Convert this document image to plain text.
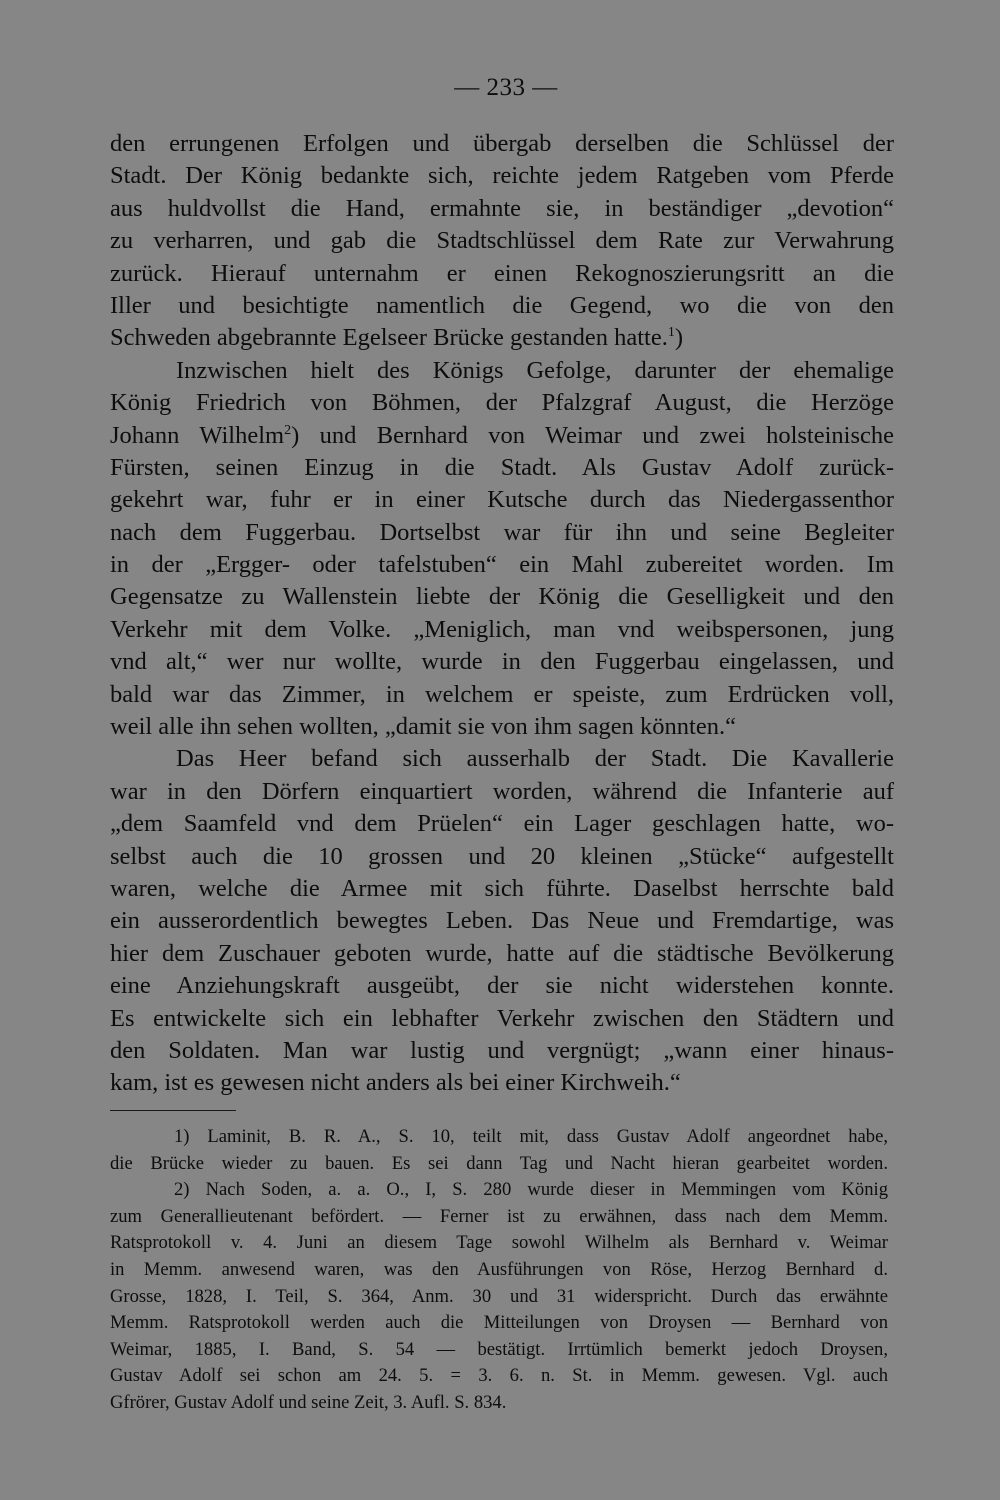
— 233 —
den errungenen Erfolgen und übergab derselben die Schlüssel der
Stadt. Der König bedankte sich, reichte jedem Ratgeben vom Pferde
aus huldvollst die Hand, ermahnte sie, in beständiger „devotion“
zu verharren, und gab die Stadtschlüssel dem Rate zur Verwahrung
zurück. Hierauf unternahm er einen Rekognoszierungsritt an die
Iller und besichtigte namentlich die Gegend, wo die von den
Schweden abgebrannte Egelseer Brücke gestanden hatte.$^1$)
Inzwischen hielt des Königs Gefolge, darunter der ehemalige
König Friedrich von Böhmen, der Pfalzgraf August, die Herzöge
Johann Wilhelm$^2$) und Bernhard von Weimar und zwei holsteinische
Fürsten, seinen Einzug in die Stadt. Als Gustav Adolf zurück-
gekehrt war, fuhr er in einer Kutsche durch das Niedergassenthor
nach dem Fuggerbau. Dortselbst war für ihn und seine Begleiter
in der „Ergger- oder tafelstuben“ ein Mahl zubereitet worden. Im
Gegensatze zu Wallenstein liebte der König die Geselligkeit und den
Verkehr mit dem Volke. „Meniglich, man vnd weibspersonen, jung
vnd alt,“ wer nur wollte, wurde in den Fuggerbau eingelassen, und
bald war das Zimmer, in welchem er speiste, zum Erdrücken voll,
weil alle ihn sehen wollten, „damit sie von ihm sagen könnten.“
Das Heer befand sich ausserhalb der Stadt. Die Kavallerie
war in den Dörfern einquartiert worden, während die Infanterie auf
„dem Saamfeld vnd dem Prüelen“ ein Lager geschlagen hatte, wo-
selbst auch die 10 grossen und 20 kleinen „Stücke“ aufgestellt
waren, welche die Armee mit sich führte. Daselbst herrschte bald
ein ausserordentlich bewegtes Leben. Das Neue und Fremdartige, was
hier dem Zuschauer geboten wurde, hatte auf die städtische Bevölkerung
eine Anziehungskraft ausgeübt, der sie nicht widerstehen konnte.
Es entwickelte sich ein lebhafter Verkehr zwischen den Städtern und
den Soldaten. Man war lustig und vergnügt; „wann einer hinaus-
kam, ist es gewesen nicht anders als bei einer Kirchweih.“
1) Laminit, B. R. A., S. 10, teilt mit, dass Gustav Adolf angeordnet habe,
die Brücke wieder zu bauen. Es sei dann Tag und Nacht hieran gearbeitet worden.
2) Nach Soden, a. a. O., I, S. 280 wurde dieser in Memmingen vom König
zum Generallieutenant befördert. — Ferner ist zu erwähnen, dass nach dem Memm.
Ratsprotokoll v. 4. Juni an diesem Tage sowohl Wilhelm als Bernhard v. Weimar
in Memm. anwesend waren, was den Ausführungen von Röse, Herzog Bernhard d.
Grosse, 1828, I. Teil, S. 364, Anm. 30 und 31 widerspricht. Durch das erwähnte
Memm. Ratsprotokoll werden auch die Mitteilungen von Droysen — Bernhard von
Weimar, 1885, I. Band, S. 54 — bestätigt. Irrtümlich bemerkt jedoch Droysen,
Gustav Adolf sei schon am 24. 5. = 3. 6. n. St. in Memm. gewesen. Vgl. auch
Gfrörer, Gustav Adolf und seine Zeit, 3. Aufl. S. 834.
